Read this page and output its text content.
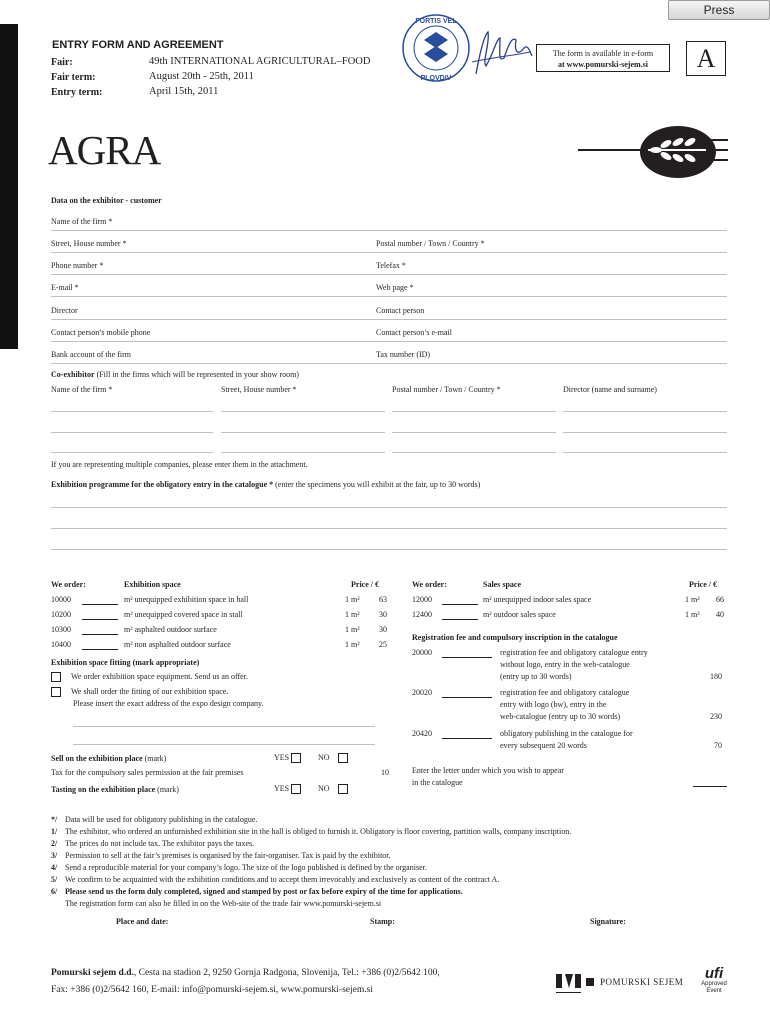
Press
ENTRY FORM AND AGREEMENT
Fair:	49th INTERNATIONAL AGRICULTURAL–FOOD
Fair term:	August 20th - 25th, 2011
Entry term:	April 15th, 2011
FORTIS VEL
PLOVDIV
The form is available in e-form
at www.pomurski-sejem.si	A
AGRA
Data on the exhibitor - customer
Name of the firm *
Street, House number *	Postal number / Town / Country *
Phone number *	Telefax *
E-mail *	Web page *
Director	Contact person
Contact person’s mobile phone	Contact person’s e-mail
Bank account of the firm	Tax number (ID)
Co-exhibitor (Fill in the firms which will be represented in your show room)
Name of the firm *	Street, House number *	Postal number / Town / Country *	Director (name and surname)
If you are representing multiple companies, please enter them in the attachment.
Exhibition programme for the obligatory entry in the catalogue * (enter the specimens you will exhibit at the fair, up to 30 words)
We order:	Exhibition space	Price / €
10000	m² unequipped exhibition space in hall	1 m² 63
10200	m² unequipped covered space in stall	1 m² 30
10300	m² asphalted outdoor surface	1 m² 30
10400	m² non asphalted outdoor surface	1 m² 25
Exhibition space fitting (mark appropriate)
We order exhibition space equipment. Send us an offer.
We shall order the fitting of our exhibition space.
Please insert the exact address of the expo design company.
Sell on the exhibition place (mark)	YES	NO
Tax for the compulsory sales permission at the fair premises	10
Tasting on the exhibition place (mark)	YES	NO
We order:	Sales space	Price / €
12000	m² unequipped indoor sales space	1 m² 66
12400	m² outdoor sales space	1 m² 40
Registration fee and compulsory inscription in the catalogue
20000	registration fee and obligatory catalogue entry
without logo, entry in the web-catalogue
(entry up to 30 words)	180
20020	registration fee and obligatory catalogue
entry with logo (bw), entry in the
web-catalogue (entry up to 30 words)	230
20420	obligatory publishing in the catalogue for
every subsequent 20 words	70
Enter the letter under which you wish to appear
in the catalogue
*/ Data will be used for obligatory publishing in the catalogue.
1/ The exhibitor, who ordered an unfurnished exhibition site in the hall is obliged to furnish it. Obligatory is floor covering, partition walls, company inscription.
2/ The prices do not include tax. The exhibitor pays the taxes.
3/ Permission to sell at the fair’s premises is organised by the fair-organiser. Tax is paid by the exhibitor.
4/ Send a reproducible material for your company’s logo. The size of the logo published is defined by the organiser.
5/ We confirm to be acquainted with the exhibition conditions and to accept them irrevocably and exclusively as content of the contract A.
6/ Please send us the form duly completed, signed and stamped by post or fax before expiry of the time for applications.
The registration form can also be filled in on the Web-site of the trade fair www.pomurski-sejem.si
Place and date:	Stamp:	Signature:
Pomurski sejem d.d., Cesta na stadion 2, 9250 Gornja Radgona, Slovenija, Tel.: +386 (0)2/5642 100,
Fax: +386 (0)2/5642 160, E-mail: info@pomurski-sejem.si, www.pomurski-sejem.si
POMURSKI SEJEM	ufi
Approved
Event
